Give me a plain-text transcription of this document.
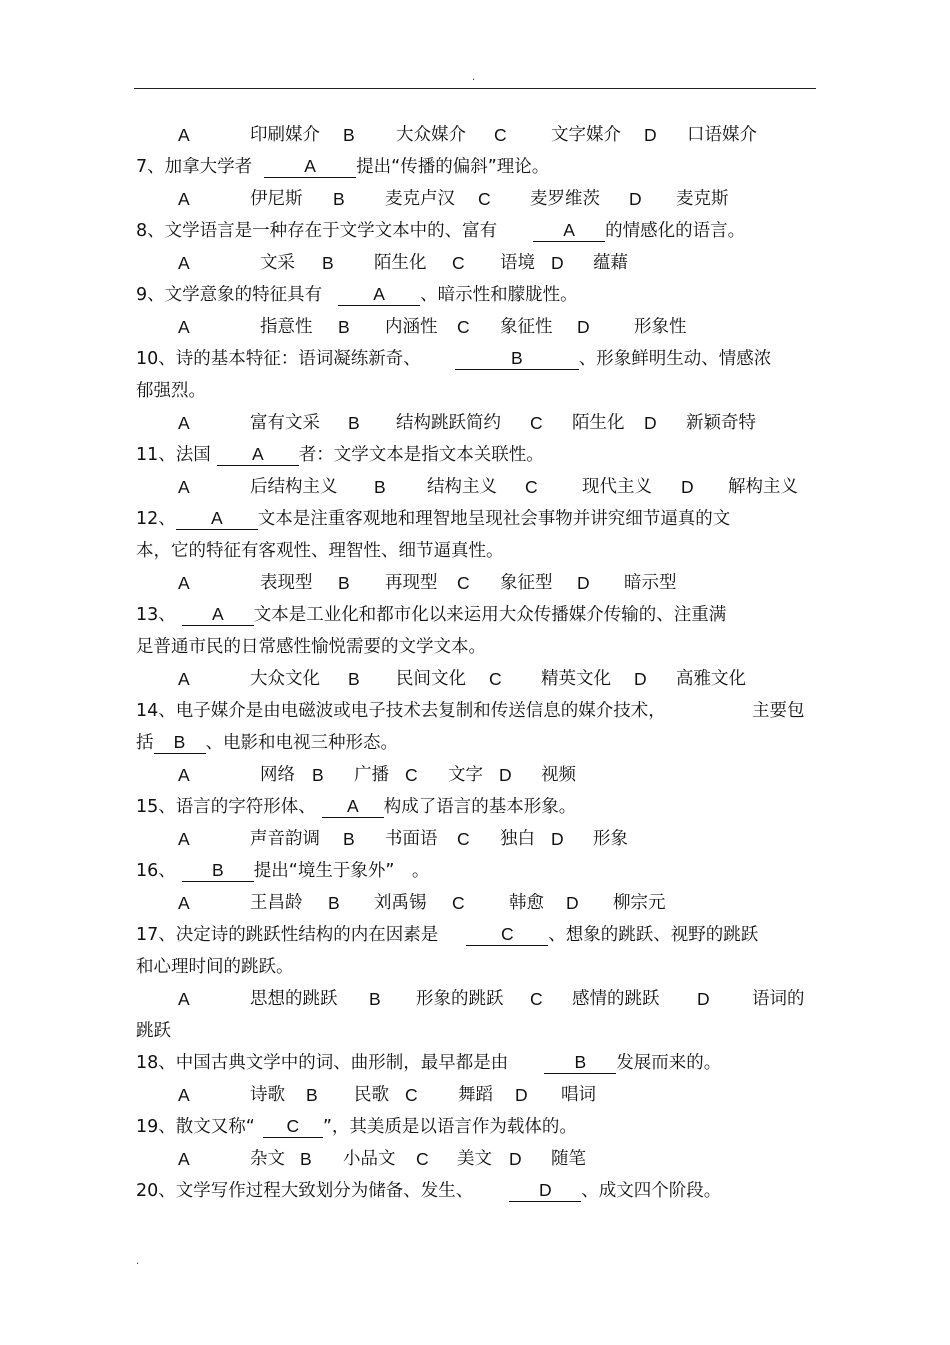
.
A	印刷媒介 B 大众媒介 C	文字媒介 D 口语媒介
7、加拿大学者	A 提出“传播的偏斜”理论。
A	伊尼斯 B 麦克卢汉 C 麦罗维茨 D 麦克斯
8、文学语言是一种存在于文学文本中的、富有	A 的情感化的语言。
A	文采 B 陌生化 C 语境 D 蕴藉
9、文学意象的特征具有	A 、暗示性和朦胧性。
A	指意性 B 内涵性 C 象征性 D	形象性
10、诗的基本特征：语词凝练新奇、	B	、形象鲜明生动、情感浓
郁强烈。
A	富有文采 B 结构跳跃简约 C 陌生化 D 新颖奇特
11、法国 A 者：文学文本是指文本关联性。
A	后结构主义 B 结构主义 C	现代主义 D 解构主义
12、 A 文本是注重客观地和理智地呈现社会事物并讲究细节逼真的文
本，它的特征有客观性、理智性、细节逼真性。
A	表现型 B 再现型 C 象征型 D 暗示型
13、 A 文本是工业化和都市化以来运用大众传播媒介传输的、注重满
足普通市民的日常感性愉悦需要的文学文本。
A	大众文化 B 民间文化 C 精英文化 D 高雅文化
14、电子媒介是由电磁波或电子技术去复制和传送信息的媒介技术，	主要包
括 B 、电影和电视三种形态。
A	网络 B 广播 C 文字 D 视频
15、语言的字符形体、 A 构成了语言的基本形象。
A	声音韵调 B 书面语 C 独白 D 形象
16、 B 提出“境生于象外”　。
A	王昌龄 B 刘禹锡 C	韩愈 D 柳宗元
17、决定诗的跳跃性结构的内在因素是	C 、想象的跳跃、视野的跳跃
和心理时间的跳跃。
A	思想的跳跃 B 形象的跳跃 C 感情的跳跃 D 语词的
跳跃
18、中国古典文学中的词、曲形制，最早都是由	B 发展而来的。
A	诗歌 B 民歌 C 舞蹈 D 唱词
19、散文又称“ C ”，其美质是以语言作为载体的。
A	杂文 B 小品文 C 美文 D 随笔
20、文学写作过程大致划分为储备、发生、	D 、成文四个阶段。
.
